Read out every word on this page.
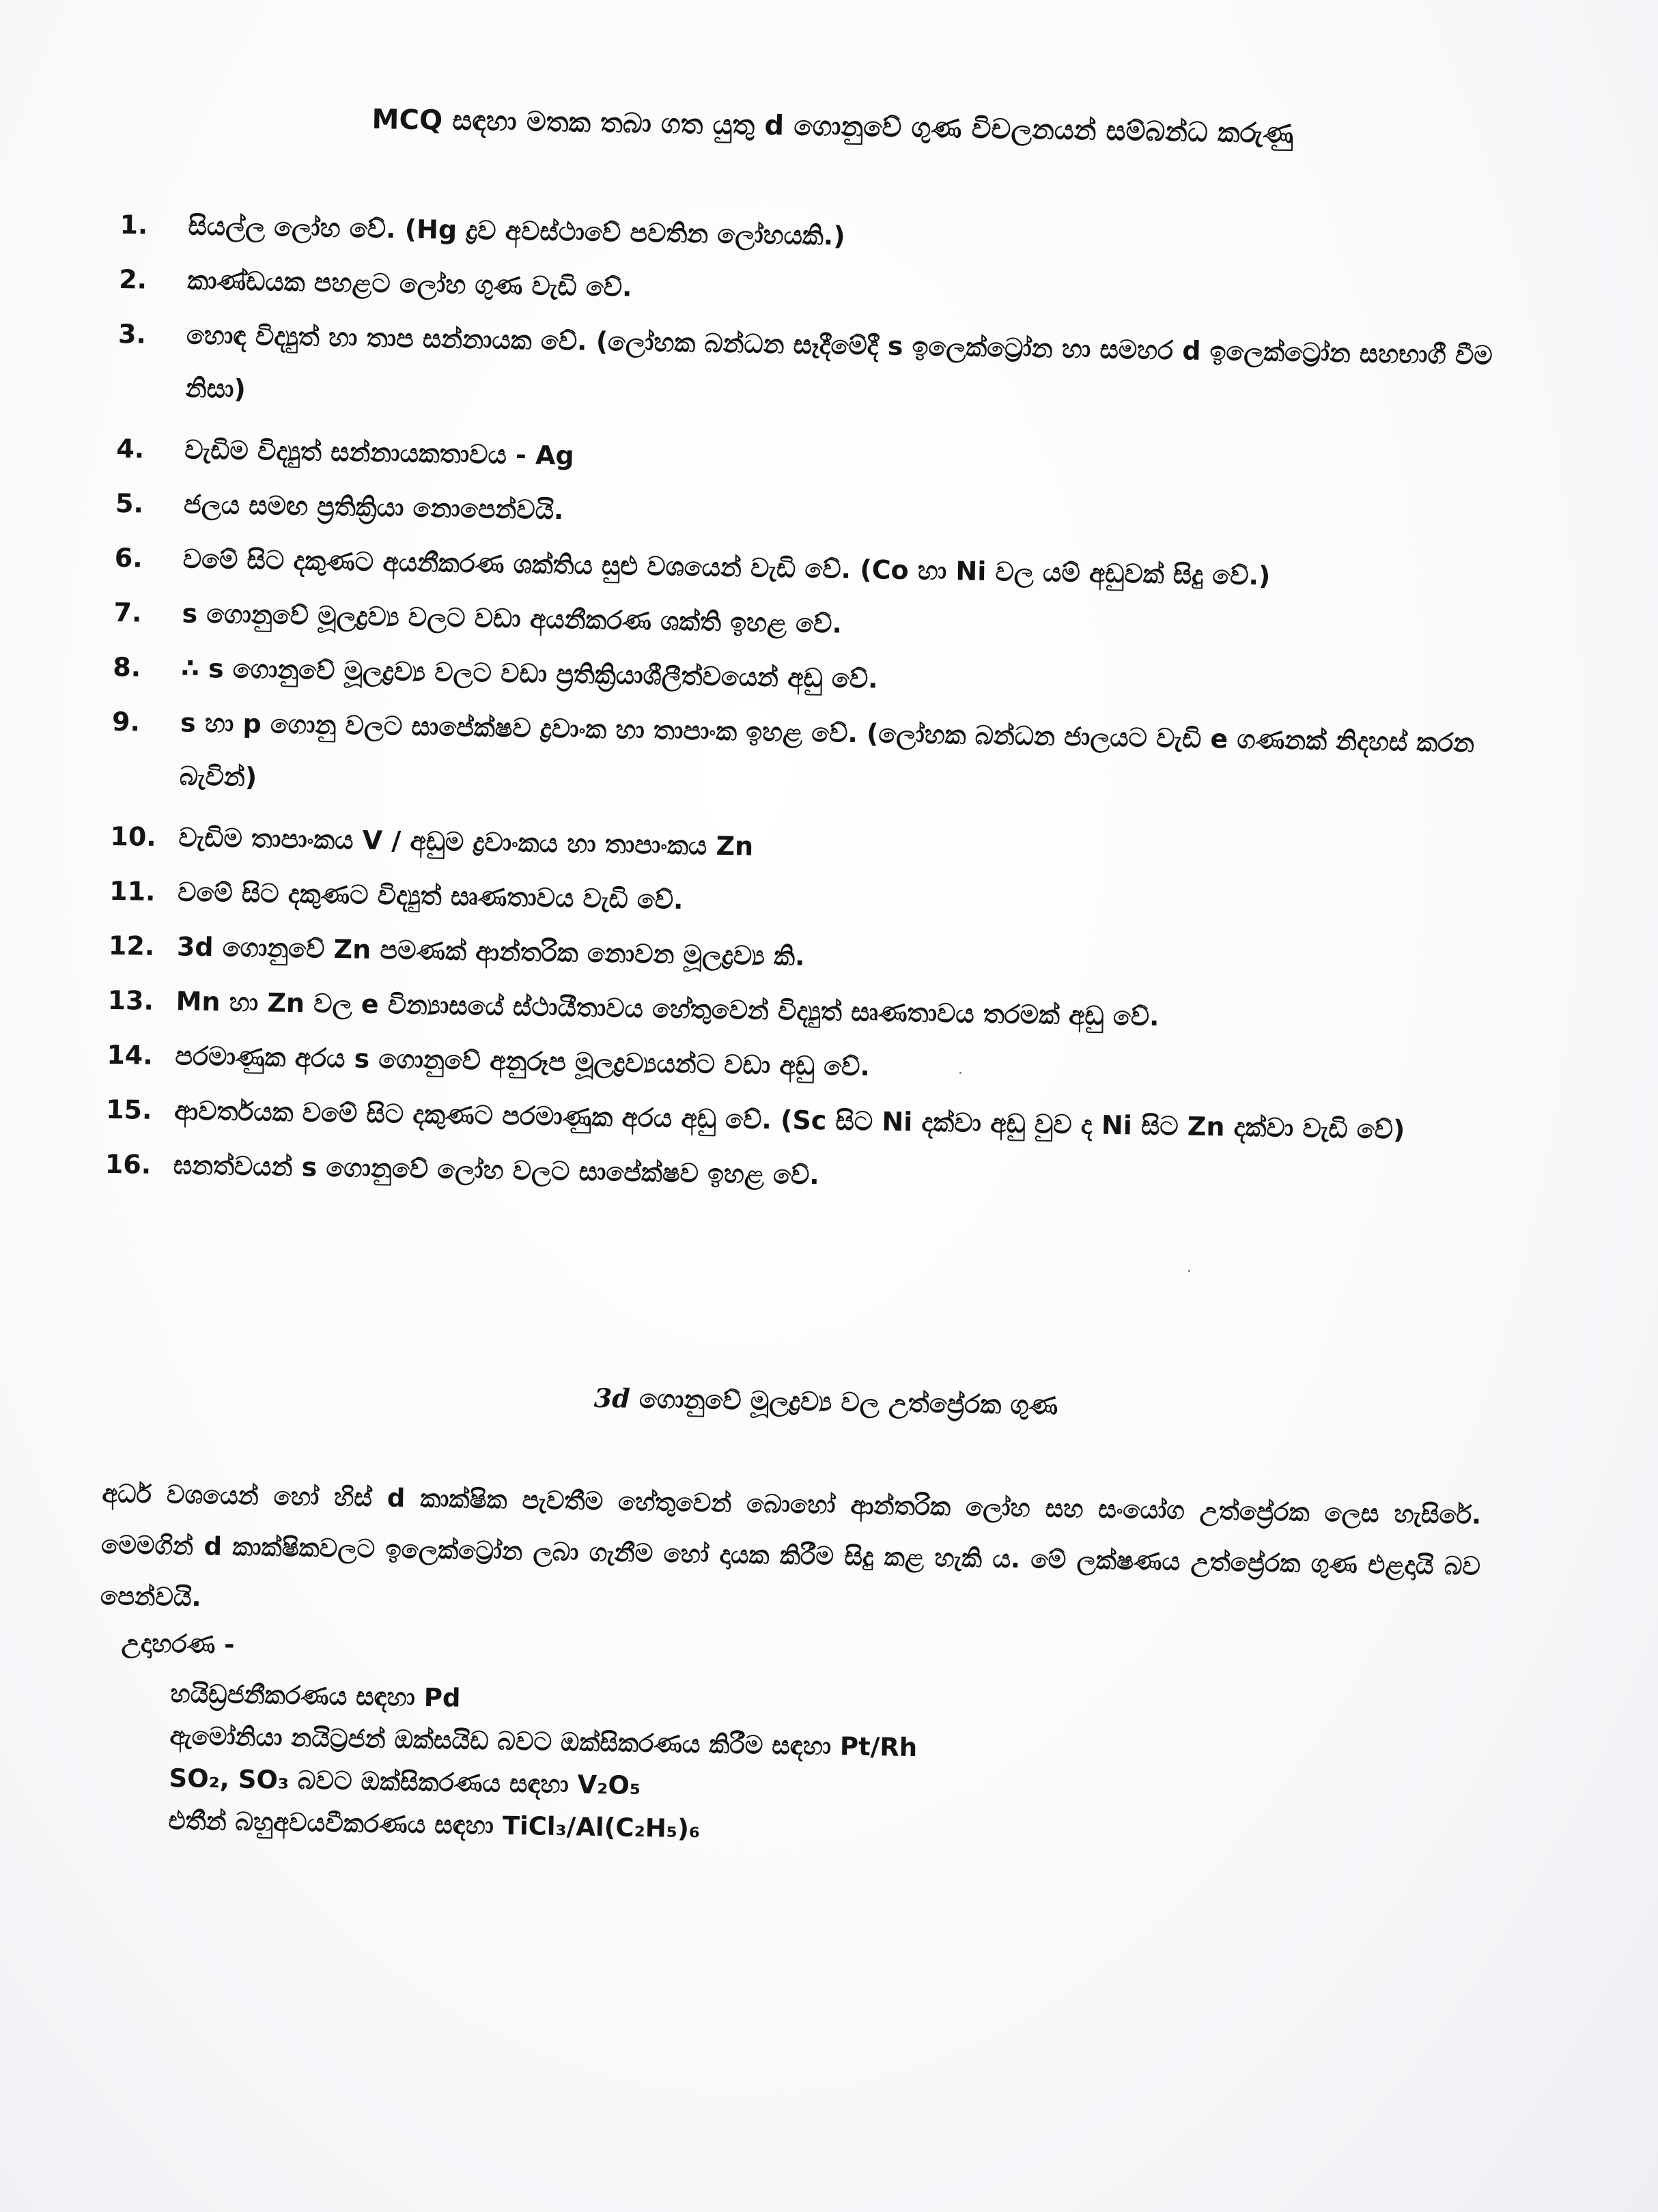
MCQ සඳහා මතක තබා ගත යුතු d ගොනුවේ ගුණ විචලනයන් සම්බන්ධ කරුණු
1.	සියල්ල ලෝහ වේ. (Hg ද්‍රව අවස්ථාවේ පවතින ලෝහයකි.)
2.	කාණ්ඩයක පහළට ලෝහ ගුණ වැඩි වේ.
3.	හොඳ විද්‍යුත් හා තාප සන්නායක වේ. (ලෝහක බන්ධන සෑදීමේදී s ඉලෙක්ට්‍රෝන හා සමහර d ඉලෙක්ට්‍රෝන සහභාගී වීම නිසා)
4.	වැඩිම විද්‍යුත් සන්නායකතාවය - Ag
5.	ජලය සමඟ ප්‍රතික්‍රියා නොපෙන්වයි.
6.	වමේ සිට දකුණට අයනීකරණ ශක්තිය සුළු වශයෙන් වැඩි වේ. (Co හා Ni වල යම් අඩුවක් සිදු වේ.)
7.	s ගොනුවේ මූලද්‍රව්‍ය වලට වඩා අයනීකරණ ශක්ති ඉහළ වේ.
8.	∴ s ගොනුවේ මූලද්‍රව්‍ය වලට වඩා ප්‍රතික්‍රියාශීලීත්වයෙන් අඩු වේ.
9.	s හා p ගොනු වලට සාපේක්ෂව ද්‍රවාංක හා තාපාංක ඉහළ වේ. (ලෝහක බන්ධන ජාලයට වැඩි e ගණනක් නිදහස් කරන බැවින්)
10. වැඩිම තාපාංකය V / අඩුම ද්‍රවාංකය හා තාපාංකය Zn
11. වමේ සිට දකුණට විද්‍යුත් සෘණතාවය වැඩි වේ.
12. 3d ගොනුවේ Zn පමණක් ආන්තරික නොවන මූලද්‍රව්‍ය කි.
13. Mn හා Zn වල e වින්‍යාසයේ ස්ථායීතාවය හේතුවෙන් විද්‍යුත් සෘණතාවය තරමක් අඩු වේ.
14. පරමාණුක අරය s ගොනුවේ අනුරූප මූලද්‍රව්‍යයන්ට වඩා අඩු වේ.
15. ආවර්තයක වමේ සිට දකුණට පරමාණුක අරය අඩු වේ. (Sc සිට Ni දක්වා අඩු වුව ද Ni සිට Zn දක්වා වැඩි වේ)
16. ඝනත්වයන් s ගොනුවේ ලෝහ වලට සාපේක්ෂව ඉහළ වේ.
3d ගොනුවේ මූලද්‍රව්‍ය වල උත්ප්‍රේරක ගුණ
අර්ධ වශයෙන් හෝ හිස් d කාක්ෂික පැවතීම හේතුවෙන් බොහෝ ආන්තරික ලෝහ සහ සංයෝග උත්ප්‍රේරක ලෙස හැසිරේ. මෙමගින් d කාක්ෂිකවලට ඉලෙක්ට්‍රෝන ලබා ගැනීම හෝ දායක කිරීම සිදු කළ හැකි ය. මේ ලක්ෂණය උත්ප්‍රේරක ගුණ එළදායි බව පෙන්වයි.
උදාහරණ -
හයිඩ්‍රජනීකරණය සඳහා Pd
ඇමෝනියා නයිට්‍රජන් ඔක්සයිඩ බවට ඔක්සිකරණය කිරීම සඳහා Pt/Rh
SO₂, SO₃ බවට ඔක්සිකරණය සඳහා V₂O₅
එතීන් බහුඅවයවීකරණය සඳහා TiCl₃/Al(C₂H₅)₆
